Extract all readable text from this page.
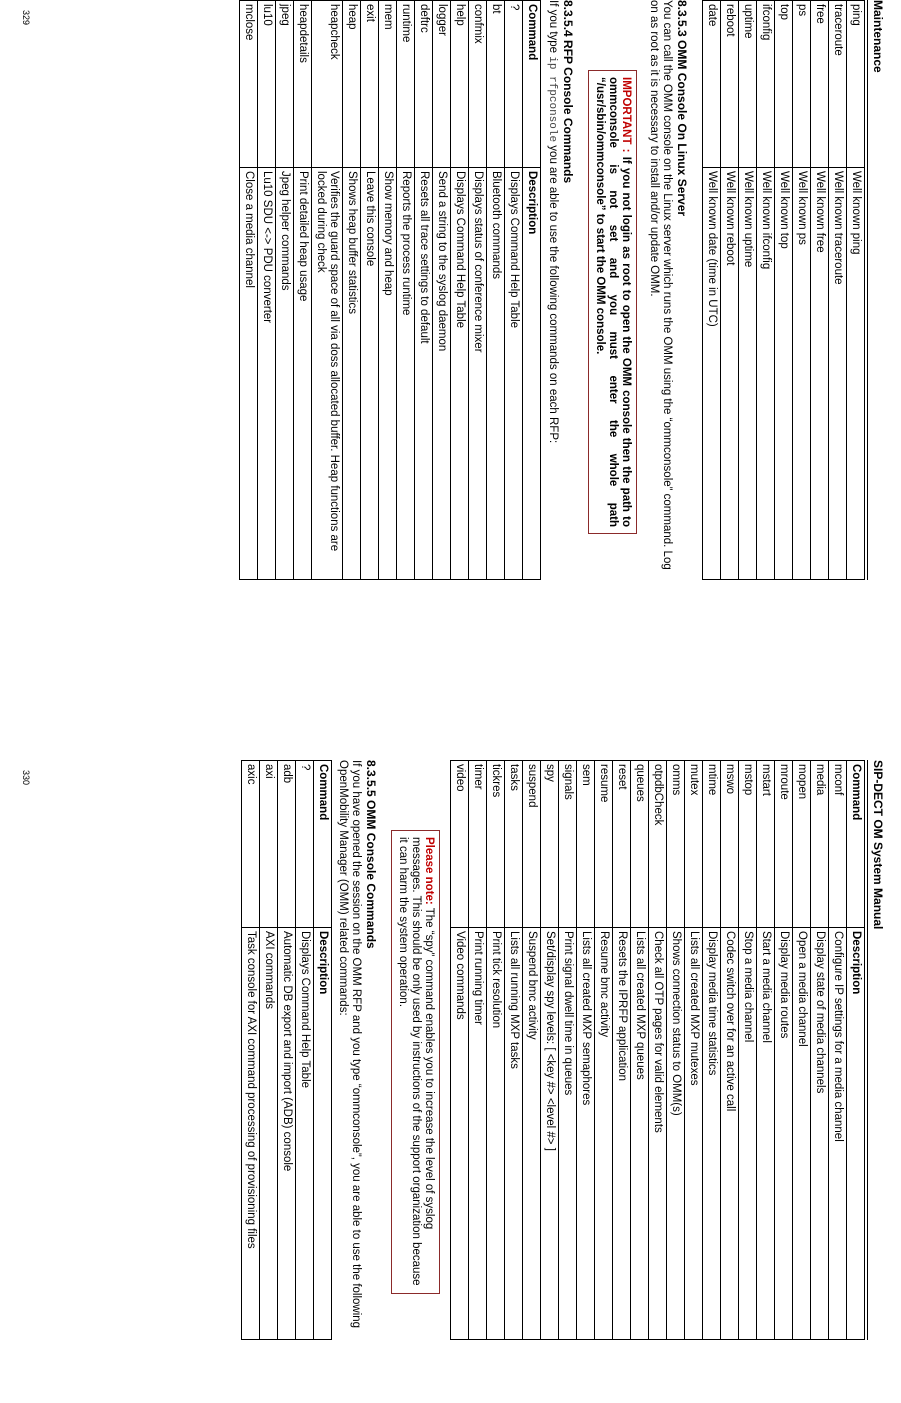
Maintenance
ping	Well known ping
traceroute	Well known traceroute
free	Well known free
ps	Well known ps
top	Well known top
ifconfig	Well known ifconfig
uptime	Well known uptime
reboot	Well known reboot
date	Well known date (time in UTC)
8.3.5.3 OMM Console On Linux Server

You can call the OMM console on the Linux server which runs the OMM using the “ommconsole” command. Log on as root as it is necessary to install and/or update OMM.

IMPORTANT : If you not login as root to open the OMM console then the path to ommconsole is not set and you must enter the whole path “/usr/sbin/ommconsole” to start the OMM console.
8.3.5.4 RFP Console Commands

If you type ip rfpconsole you are able to use the following commands on each RFP:

Command	Description
?	Displays Command Help Table
bt	Bluetooth commands
confmix	Displays status of conference mixer
help	Displays Command Help Table
logger	Send a string to the syslog daemon
deftrc	Resets all trace settings to default
runtime	Reports the process runtime
mem	Show memory and heap
exit	Leave this console
heap	Shows heap buffer statistics
heapcheck	Verifies the guard space of all via doss allocated buffer. Heap functions are locked during check
heapdetails	Print detailed heap usage
jpeg	Jpeg helper commands
lu10	Lu10 SDU <-> PDU converter
mclose	Close a media channel
329
SIP-DECT OM System Manual
Command	Description
mconf	Configure IP settings for a media channel
media	Display state of media channels
mopen	Open a media channel
mroute	Display media routes
mstart	Start a media channel
mstop	Stop a media channel
mswo	Codec switch over for an active call
mtime	Display media time statistics
mutex	Lists all created MXP mutexes
omms	Shows connection status to OMM(s)
otpdbCheck	Check all OTP pages for valid elements
queues	Lists all created MXP queues
reset	Resets the IPRFP application
resume	Resume bmc activity
sem	Lists all created MXP semaphores
signals	Print signal dwell time in queues
spy	Set/display spy levels: [ <key #> <level #> ]
suspend	Suspend bmc activity
tasks	Lists all running MXP tasks
tickres	Print tick resolution
timer	Print running timer
video	Video commands
Please note: The “spy” command enables you to increase the level of syslog messages. This should be only used by instructions of the support organization because it can harm the system operation.
8.3.5.5 OMM Console Commands

If you have opened the session on the OMM RFP and you type “ommconsole”, you are able to use the following OpenMobility Manager (OMM) related commands:

Command	Description
?	Displays Command Help Table
adb	Automatic DB export and import (ADB) console
axi	AXI commands
axic	Task console for AXI command processing of provisioning files
330
